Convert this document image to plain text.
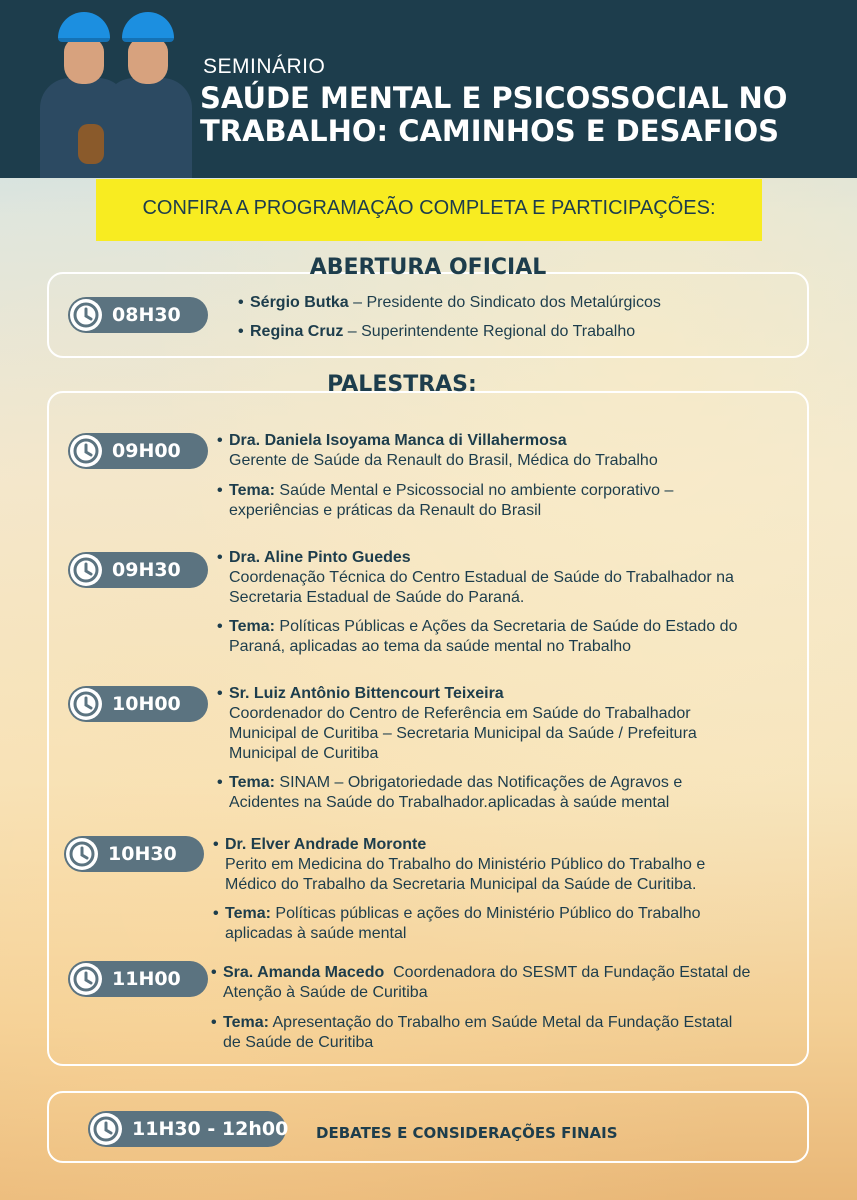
SEMINÁRIO
SAÚDE MENTAL E PSICOSSOCIAL NO
TRABALHO: CAMINHOS E DESAFIOS
CONFIRA A PROGRAMAÇÃO COMPLETA E PARTICIPAÇÕES:
ABERTURA OFICIAL
08H30
• Sérgio Butka – Presidente do Sindicato dos Metalúrgicos
• Regina Cruz – Superintendente Regional do Trabalho
PALESTRAS:
09H00 • Dra. Daniela Isoyama Manca di Villahermosa
Gerente de Saúde da Renault do Brasil, Médica do Trabalho
• Tema: Saúde Mental e Psicossocial no ambiente corporativo –
experiências e práticas da Renault do Brasil
09H30
• Dra. Aline Pinto Guedes
Coordenação Técnica do Centro Estadual de Saúde do Trabalhador na
Secretaria Estadual de Saúde do Paraná.
• Tema: Políticas Públicas e Ações da Secretaria de Saúde do Estado do
Paraná, aplicadas ao tema da saúde mental no Trabalho
10H00 • Sr. Luiz Antônio Bittencourt Teixeira
Coordenador do Centro de Referência em Saúde do Trabalhador
Municipal de Curitiba – Secretaria Municipal da Saúde / Prefeitura
Municipal de Curitiba
• Tema: SINAM – Obrigatoriedade das Notificações de Agravos e
Acidentes na Saúde do Trabalhador.aplicadas à saúde mental
10H30 • Dr. Elver Andrade Moronte
Perito em Medicina do Trabalho do Ministério Público do Trabalho e
Médico do Trabalho da Secretaria Municipal da Saúde de Curitiba.
• Tema: Políticas públicas e ações do Ministério Público do Trabalho
aplicadas à saúde mental
11H00 • Sra. Amanda Macedo  Coordenadora do SESMT da Fundação Estatal de
Atenção à Saúde de Curitiba
• Tema: Apresentação do Trabalho em Saúde Metal da Fundação Estatal
de Saúde de Curitiba
11H30 - 12h00 DEBATES E CONSIDERAÇÕES FINAIS
